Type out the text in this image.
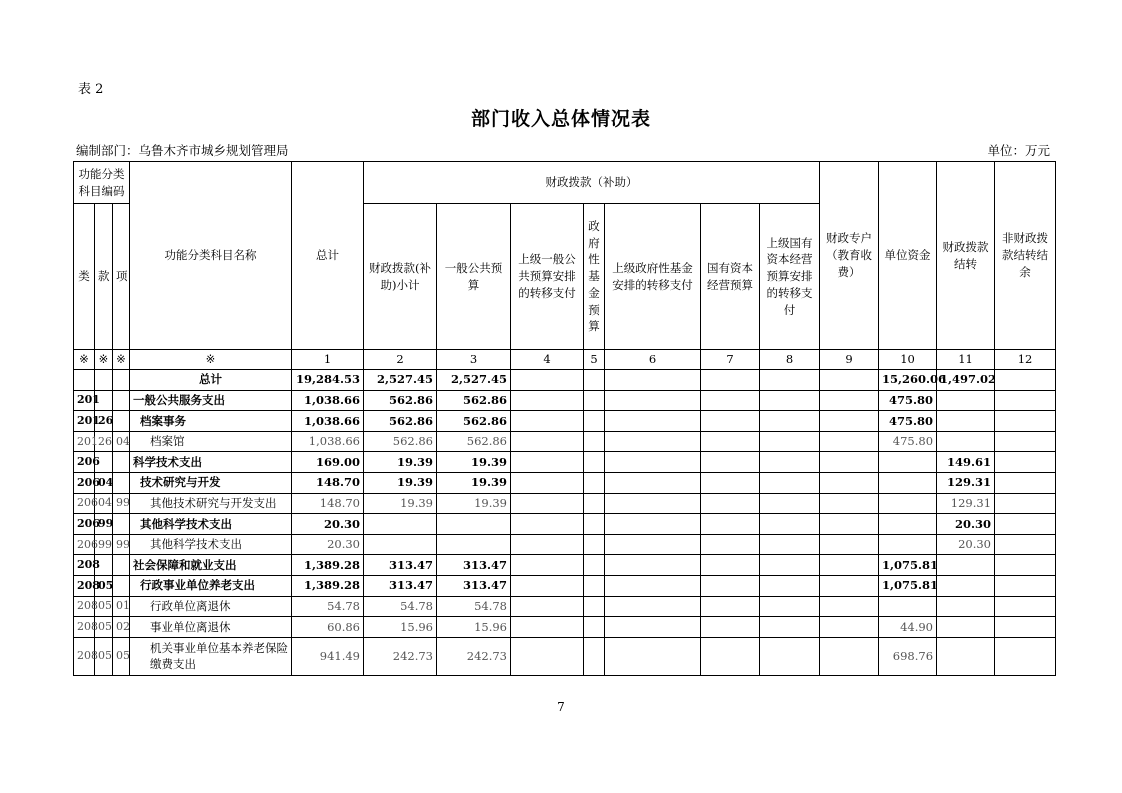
表 2
部门收入总体情况表
编制部门：乌鲁木齐市城乡规划管理局	单位：万元
功能分类科目编码			功能分类科目名称	总计	财政拨款（补助）							财政专户（教育收费）	单位资金	财政拨款结转	非财政拨款结转结余
类	款	项			财政拨款(补助)小计	一般公共预算	上级一般公共预算安排的转移支付	政府性基金预算	上级政府性基金安排的转移支付	国有资本经营预算	上级国有资本经营预算安排的转移支付				
※	※	※	※	1	2	3	4	5	6	7	8	9	10	11	12
			总计	19,284.53	2,527.45	2,527.45							15,260.06	1,497.02	
201			一般公共服务支出	1,038.66	562.86	562.86							475.80		
201	26		档案事务	1,038.66	562.86	562.86							475.80		
201	26	04	档案馆	1,038.66	562.86	562.86							475.80		
206			科学技术支出	169.00	19.39	19.39								149.61	
206	04		技术研究与开发	148.70	19.39	19.39								129.31	
206	04	99	其他技术研究与开发支出	148.70	19.39	19.39								129.31	
206	99		其他科学技术支出	20.30										20.30	
206	99	99	其他科学技术支出	20.30										20.30	
208			社会保障和就业支出	1,389.28	313.47	313.47							1,075.81		
208	05		行政事业单位养老支出	1,389.28	313.47	313.47							1,075.81		
208	05	01	行政单位离退休	54.78	54.78	54.78									
208	05	02	事业单位离退休	60.86	15.96	15.96							44.90		
208	05	05	机关事业单位基本养老保险缴费支出	941.49	242.73	242.73							698.76		
7
